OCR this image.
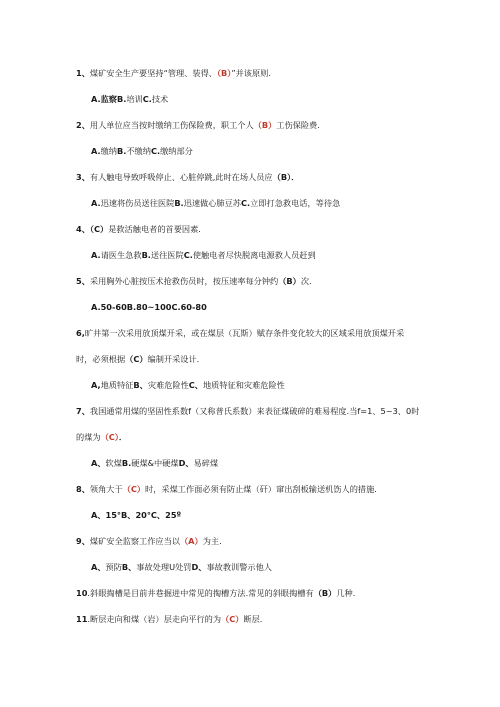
1、煤矿安全生产要坚持“管理、装得、（B）”并该原则.
A.监察B.培训C.技术
2、用人单位应当按时缴纳工伤保险费，职工个人（B）工伤保险费.
A.缴纳B.不缴纳C.缴纳部分
3、有人触电导致呼吸停止、心脏停跳,此时在场人员应（B）．
A.迅速将伤员送往医院B.迅速做心肺豆苏C.立即打急救电话，等待急
4、（C）是救活触电者的首要因素.
A.请医生急救B.送往医院C.使触电者尽快脱离电源救人员赶到
5、采用胸外心脏按压术抢救伤员时，按压速率每分钟约（B）次.
A.50-60B.80~100C.60-80
6,旷井第一次采用放顶煤开采，或在煤层（瓦斯）赋存条件变化较大的区域采用放顶煤开采
时，必须根据（C）编制开采设计.
A,地质特征B、灾难危险性C、地质特征和灾难危险性
7、我国通常用煤的坚固性系数f（又称普氏系数）来表征煤破碎的难易程度.当f=1、5~3、0时
的煤为（C）．
A、软煤B.硬煤&中硬煤D、易碎煤
8、领角大于（C）时，采煤工作面必须有防止煤（矸）窜出刮板输送机饬人的措施.
A、15°B、20°C、25º
9、煤矿安全监察工作应当以（A）为主.
A、预防B、事故处理U处罚D、事故教训警示他人
10.斜眼掏槽是目前井巷掘进中常见的掏槽方法.常见的斜眼掏槽有（B）几种.
11.断层走向和煤（岩）层走向平行的为（C）断层.
